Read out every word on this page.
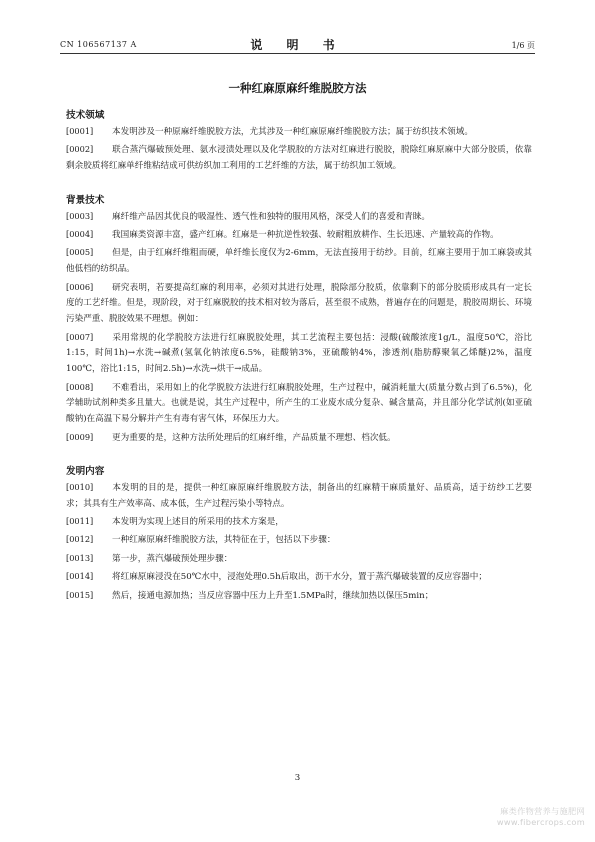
CN 106567137 A	说 明 书	1/6 页
一种红麻原麻纤维脱胶方法
技术领域
[0001] 本发明涉及一种原麻纤维脱胶方法，尤其涉及一种红麻原麻纤维脱胶方法；属于纺织技术领域。
[0002] 联合蒸汽爆破预处理、氨水浸渍处理以及化学脱胶的方法对红麻进行脱胶，脱除红麻原麻中大部分胶质，依靠剩余胶质将红麻单纤维粘结成可供纺织加工利用的工艺纤维的方法，属于纺织加工领域。
背景技术
[0003] 麻纤维产品因其优良的吸湿性、透气性和独特的服用风格，深受人们的喜爱和青睐。
[0004] 我国麻类资源丰富，盛产红麻。红麻是一种抗逆性较强、较耐粗放耕作、生长迅速、产量较高的作物。
[0005] 但是，由于红麻纤维粗而硬，单纤维长度仅为2-6mm，无法直接用于纺纱。目前，红麻主要用于加工麻袋或其他低档的纺织品。
[0006] 研究表明，若要提高红麻的利用率，必须对其进行处理，脱除部分胶质，依靠剩下的部分胶质形成具有一定长度的工艺纤维。但是，现阶段，对于红麻脱胶的技术相对较为落后，甚至很不成熟，普遍存在的问题是，脱胶周期长、环境污染严重、脱胶效果不理想。例如：
[0007] 采用常规的化学脱胶方法进行红麻脱胶处理，其工艺流程主要包括：浸酸(硫酸浓度1g/L，温度50℃，浴比1:15，时间1h)→水洗→碱煮(氢氧化钠浓度6.5%，硅酸钠3%，亚硫酸钠4%，渗透剂(脂肪醇聚氧乙烯醚)2%，温度100℃，浴比1:15，时间2.5h)→水洗→烘干→成品。
[0008] 不难看出，采用如上的化学脱胶方法进行红麻脱胶处理，生产过程中，碱消耗量大(质量分数占到了6.5%)，化学辅助试剂种类多且量大。也就是说，其生产过程中，所产生的工业废水成分复杂、碱含量高，并且部分化学试剂(如亚硫酸钠)在高温下易分解并产生有毒有害气体，环保压力大。
[0009] 更为重要的是，这种方法所处理后的红麻纤维，产品质量不理想、档次低。
发明内容
[0010] 本发明的目的是，提供一种红麻原麻纤维脱胶方法，制备出的红麻精干麻质量好、品质高，适于纺纱工艺要求；其具有生产效率高、成本低，生产过程污染小等特点。
[0011] 本发明为实现上述目的所采用的技术方案是，
[0012] 一种红麻原麻纤维脱胶方法，其特征在于，包括以下步骤：
[0013] 第一步，蒸汽爆破预处理步骤：
[0014] 将红麻原麻浸没在50℃水中，浸泡处理0.5h后取出，沥干水分，置于蒸汽爆破装置的反应容器中；
[0015] 然后，接通电源加热；当反应容器中压力上升至1.5MPa时，继续加热以保压5min；
3
麻类作物营养与施肥网
www.fibercrops.com
